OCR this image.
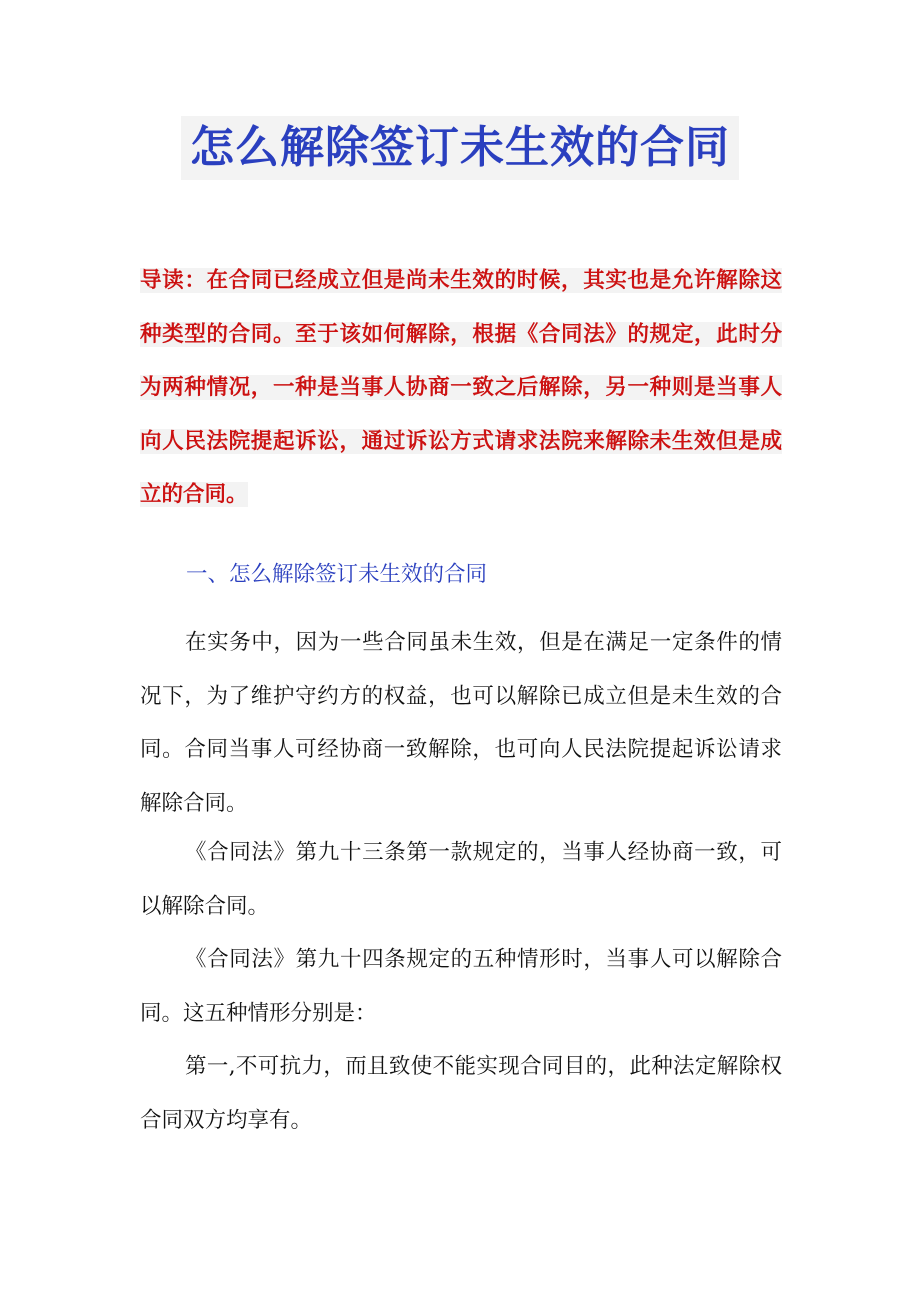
怎么解除签订未生效的合同

导读：在合同已经成立但是尚未生效的时候，其实也是允许解除这种类型的合同。至于该如何解除，根据《合同法》的规定，此时分为两种情况，一种是当事人协商一致之后解除，另一种则是当事人向人民法院提起诉讼，通过诉讼方式请求法院来解除未生效但是成立的合同。

一、怎么解除签订未生效的合同

在实务中，因为一些合同虽未生效，但是在满足一定条件的情况下，为了维护守约方的权益，也可以解除已成立但是未生效的合同。合同当事人可经协商一致解除，也可向人民法院提起诉讼请求解除合同。

《合同法》第九十三条第一款规定的，当事人经协商一致，可以解除合同。

《合同法》第九十四条规定的五种情形时，当事人可以解除合同。这五种情形分别是：

第一,不可抗力，而且致使不能实现合同目的，此种法定解除权合同双方均享有。
